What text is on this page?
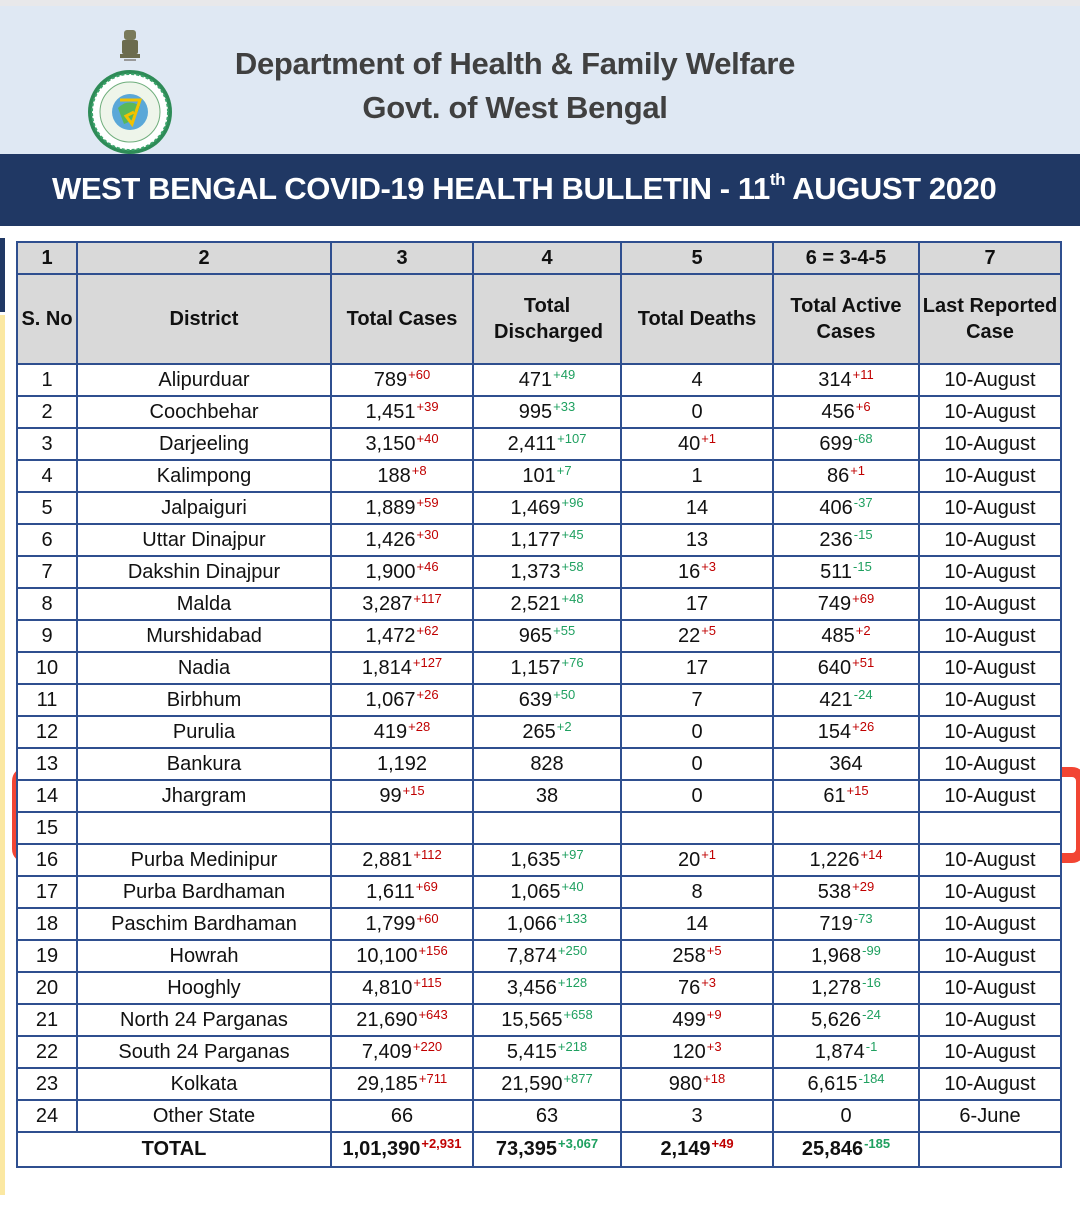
Department of Health & Family Welfare
Govt. of West Bengal
WEST BENGAL COVID-19 HEALTH BULLETIN - 11th AUGUST 2020
1	2	3	4	5	6 = 3-4-5	7
S. No	District	Total Cases	Total Discharged	Total Deaths	Total Active Cases	Last Reported Case
1	Alipurduar	$789^{+60}$	$471^{+49}$	4	$314^{+11}$	10-August
2	Coochbehar	$1,451^{+39}$	$995^{+33}$	0	$456^{+6}$	10-August
3	Darjeeling	$3,150^{+40}$	$2,411^{+107}$	$40^{+1}$	$699^{-68}$	10-August
4	Kalimpong	$188^{+8}$	$101^{+7}$	1	$86^{+1}$	10-August
5	Jalpaiguri	$1,889^{+59}$	$1,469^{+96}$	14	$406^{-37}$	10-August
6	Uttar Dinajpur	$1,426^{+30}$	$1,177^{+45}$	13	$236^{-15}$	10-August
7	Dakshin Dinajpur	$1,900^{+46}$	$1,373^{+58}$	$16^{+3}$	$511^{-15}$	10-August
8	Malda	$3,287^{+117}$	$2,521^{+48}$	17	$749^{+69}$	10-August
9	Murshidabad	$1,472^{+62}$	$965^{+55}$	$22^{+5}$	$485^{+2}$	10-August
10	Nadia	$1,814^{+127}$	$1,157^{+76}$	17	$640^{+51}$	10-August
11	Birbhum	$1,067^{+26}$	$639^{+50}$	7	$421^{-24}$	10-August
12	Purulia	$419^{+28}$	$265^{+2}$	0	$154^{+26}$	10-August
13	Bankura	1,192	828	0	364	10-August
14	Jhargram	$99^{+15}$	38	0	$61^{+15}$	10-August
15						
16	Purba Medinipur	$2,881^{+112}$	$1,635^{+97}$	$20^{+1}$	$1,226^{+14}$	10-August
17	Purba Bardhaman	$1,611^{+69}$	$1,065^{+40}$	8	$538^{+29}$	10-August
18	Paschim Bardhaman	$1,799^{+60}$	$1,066^{+133}$	14	$719^{-73}$	10-August
19	Howrah	$10,100^{+156}$	$7,874^{+250}$	$258^{+5}$	$1,968^{-99}$	10-August
20	Hooghly	$4,810^{+115}$	$3,456^{+128}$	$76^{+3}$	$1,278^{-16}$	10-August
21	North 24 Parganas	$21,690^{+643}$	$15,565^{+658}$	$499^{+9}$	$5,626^{-24}$	10-August
22	South 24 Parganas	$7,409^{+220}$	$5,415^{+218}$	$120^{+3}$	$1,874^{-1}$	10-August
23	Kolkata	$29,185^{+711}$	$21,590^{+877}$	$980^{+18}$	$6,615^{-184}$	10-August
24	Other State	66	63	3	0	6-June
TOTAL		$1,01,390^{+2,931}$	$73,395^{+3,067}$	$2,149^{+49}$	$25,846^{-185}$	
